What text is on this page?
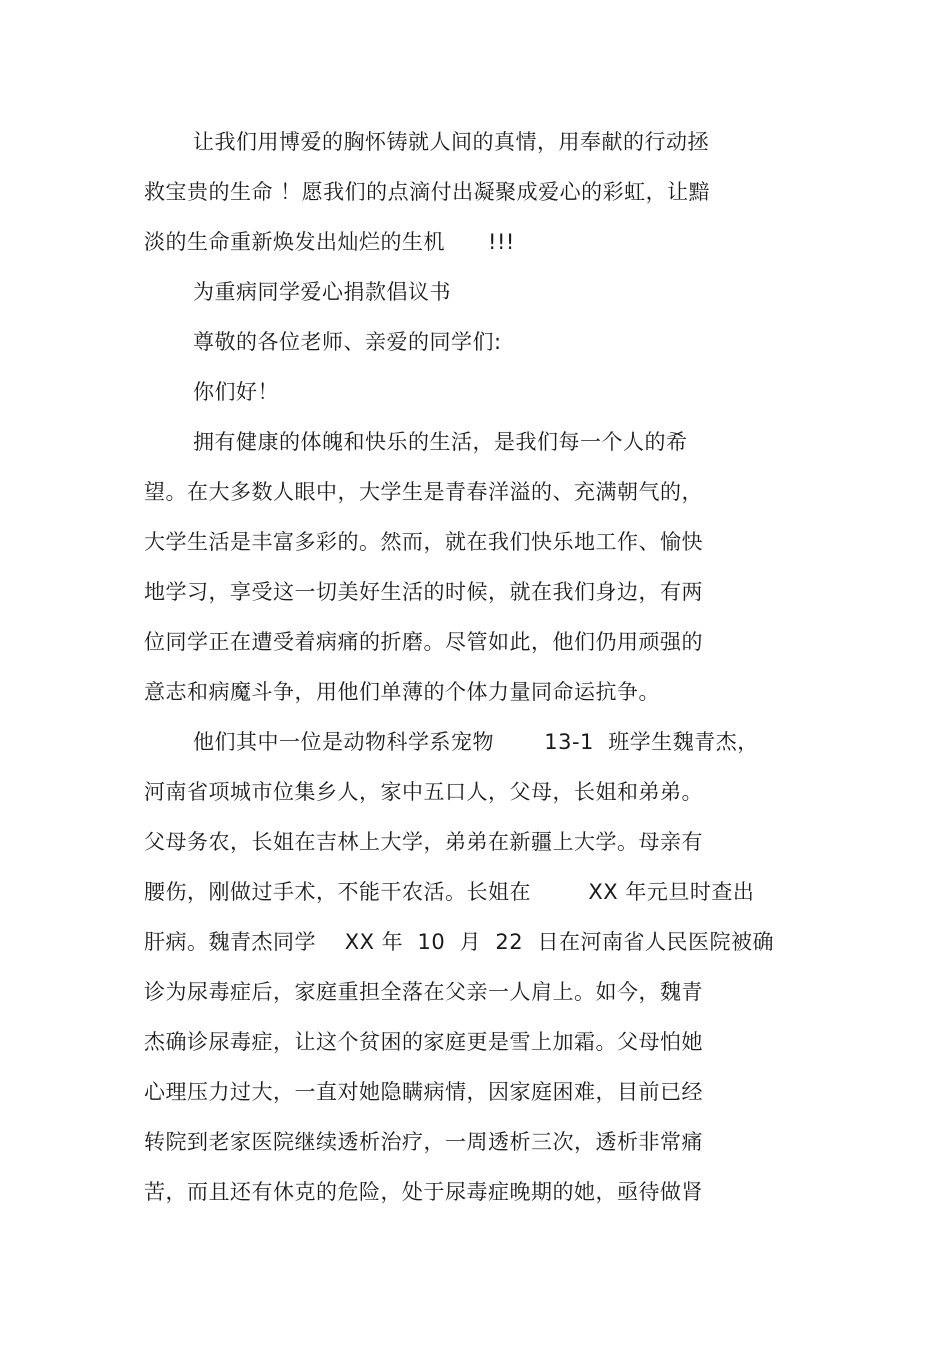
让我们用博爱的胸怀铸就人间的真情，用奉献的行动拯
救宝贵的生命 ！愿我们的点滴付出凝聚成爱心的彩虹，让黯
淡的生命重新焕发出灿烂的生机      !!!
为重病同学爱心捐款倡议书
尊敬的各位老师、亲爱的同学们:
你们好！
拥有健康的体魄和快乐的生活，是我们每一个人的希
望。在大多数人眼中，大学生是青春洋溢的、充满朝气的，
大学生活是丰富多彩的。然而，就在我们快乐地工作、愉快
地学习，享受这一切美好生活的时候，就在我们身边，有两
位同学正在遭受着病痛的折磨。尽管如此，他们仍用顽强的
意志和病魔斗争，用他们单薄的个体力量同命运抗争。
他们其中一位是动物科学系宠物       13-1  班学生魏青杰，
河南省项城市位集乡人，家中五口人，父母，长姐和弟弟。
父母务农，长姐在吉林上大学，弟弟在新疆上大学。母亲有
腰伤，刚做过手术，不能干农活。长姐在        XX 年元旦时查出
肝病。魏青杰同学    XX 年  10  月  22  日在河南省人民医院被确
诊为尿毒症后，家庭重担全落在父亲一人肩上。如今，魏青
杰确诊尿毒症，让这个贫困的家庭更是雪上加霜。父母怕她
心理压力过大，一直对她隐瞒病情，因家庭困难，目前已经
转院到老家医院继续透析治疗，一周透析三次，透析非常痛
苦，而且还有休克的危险，处于尿毒症晚期的她，亟待做肾
